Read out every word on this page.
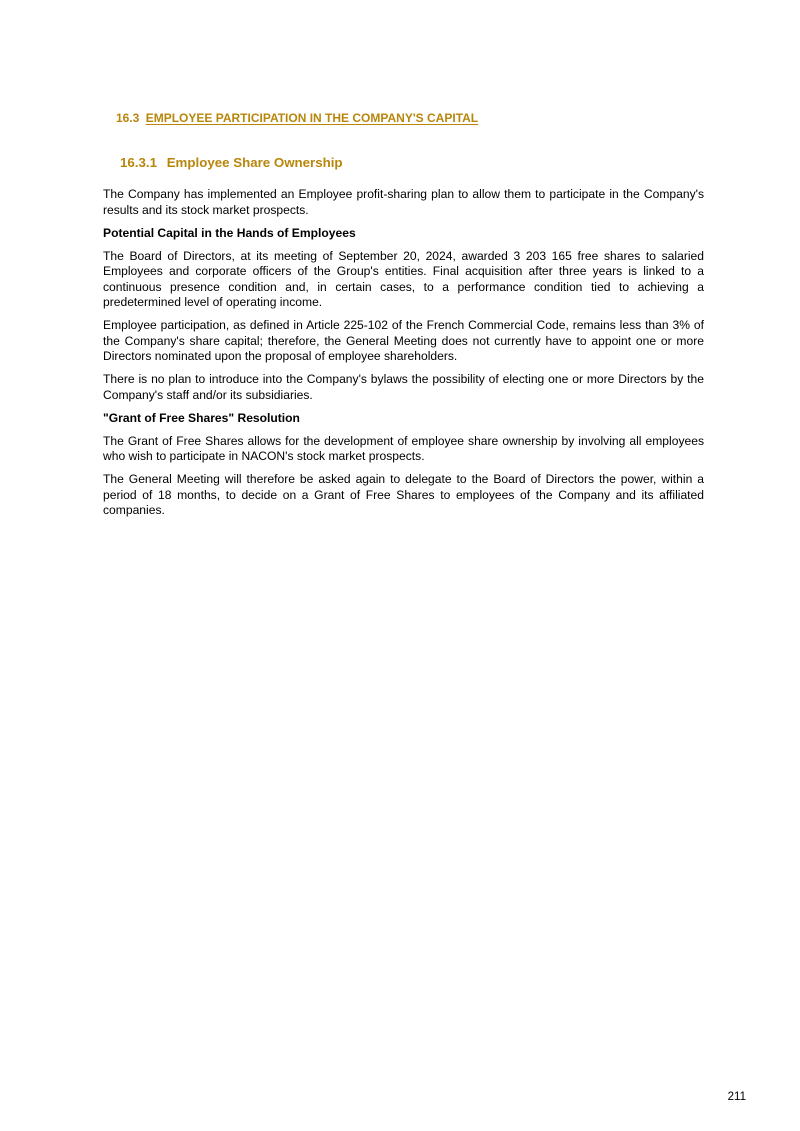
16.3 EMPLOYEE PARTICIPATION IN THE COMPANY'S CAPITAL
16.3.1 Employee Share Ownership

The Company has implemented an Employee profit-sharing plan to allow them to participate in the Company's results and its stock market prospects.

Potential Capital in the Hands of Employees

The Board of Directors, at its meeting of September 20, 2024, awarded 3 203 165 free shares to salaried Employees and corporate officers of the Group's entities. Final acquisition after three years is linked to a continuous presence condition and, in certain cases, to a performance condition tied to achieving a predetermined level of operating income.

Employee participation, as defined in Article 225-102 of the French Commercial Code, remains less than 3% of the Company's share capital; therefore, the General Meeting does not currently have to appoint one or more Directors nominated upon the proposal of employee shareholders.

There is no plan to introduce into the Company's bylaws the possibility of electing one or more Directors by the Company's staff and/or its subsidiaries.

"Grant of Free Shares" Resolution

The Grant of Free Shares allows for the development of employee share ownership by involving all employees who wish to participate in NACON's stock market prospects.

The General Meeting will therefore be asked again to delegate to the Board of Directors the power, within a period of 18 months, to decide on a Grant of Free Shares to employees of the Company and its affiliated companies.

211
